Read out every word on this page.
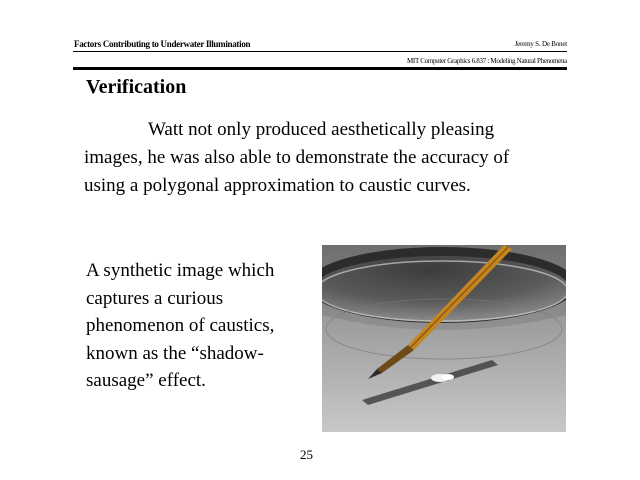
Factors Contributing to Underwater Illumination	Jeremy S. De Bonet
MIT Computer Graphics 6.837 : Modeling Natural Phenomena
Verification
Watt not only produced aesthetically pleasing images, he was also able to demonstrate the accuracy of using a polygonal approximation to caustic curves.
A synthetic image which captures a curious phenomenon of caustics, known as the “shadow-sausage” effect.
25
